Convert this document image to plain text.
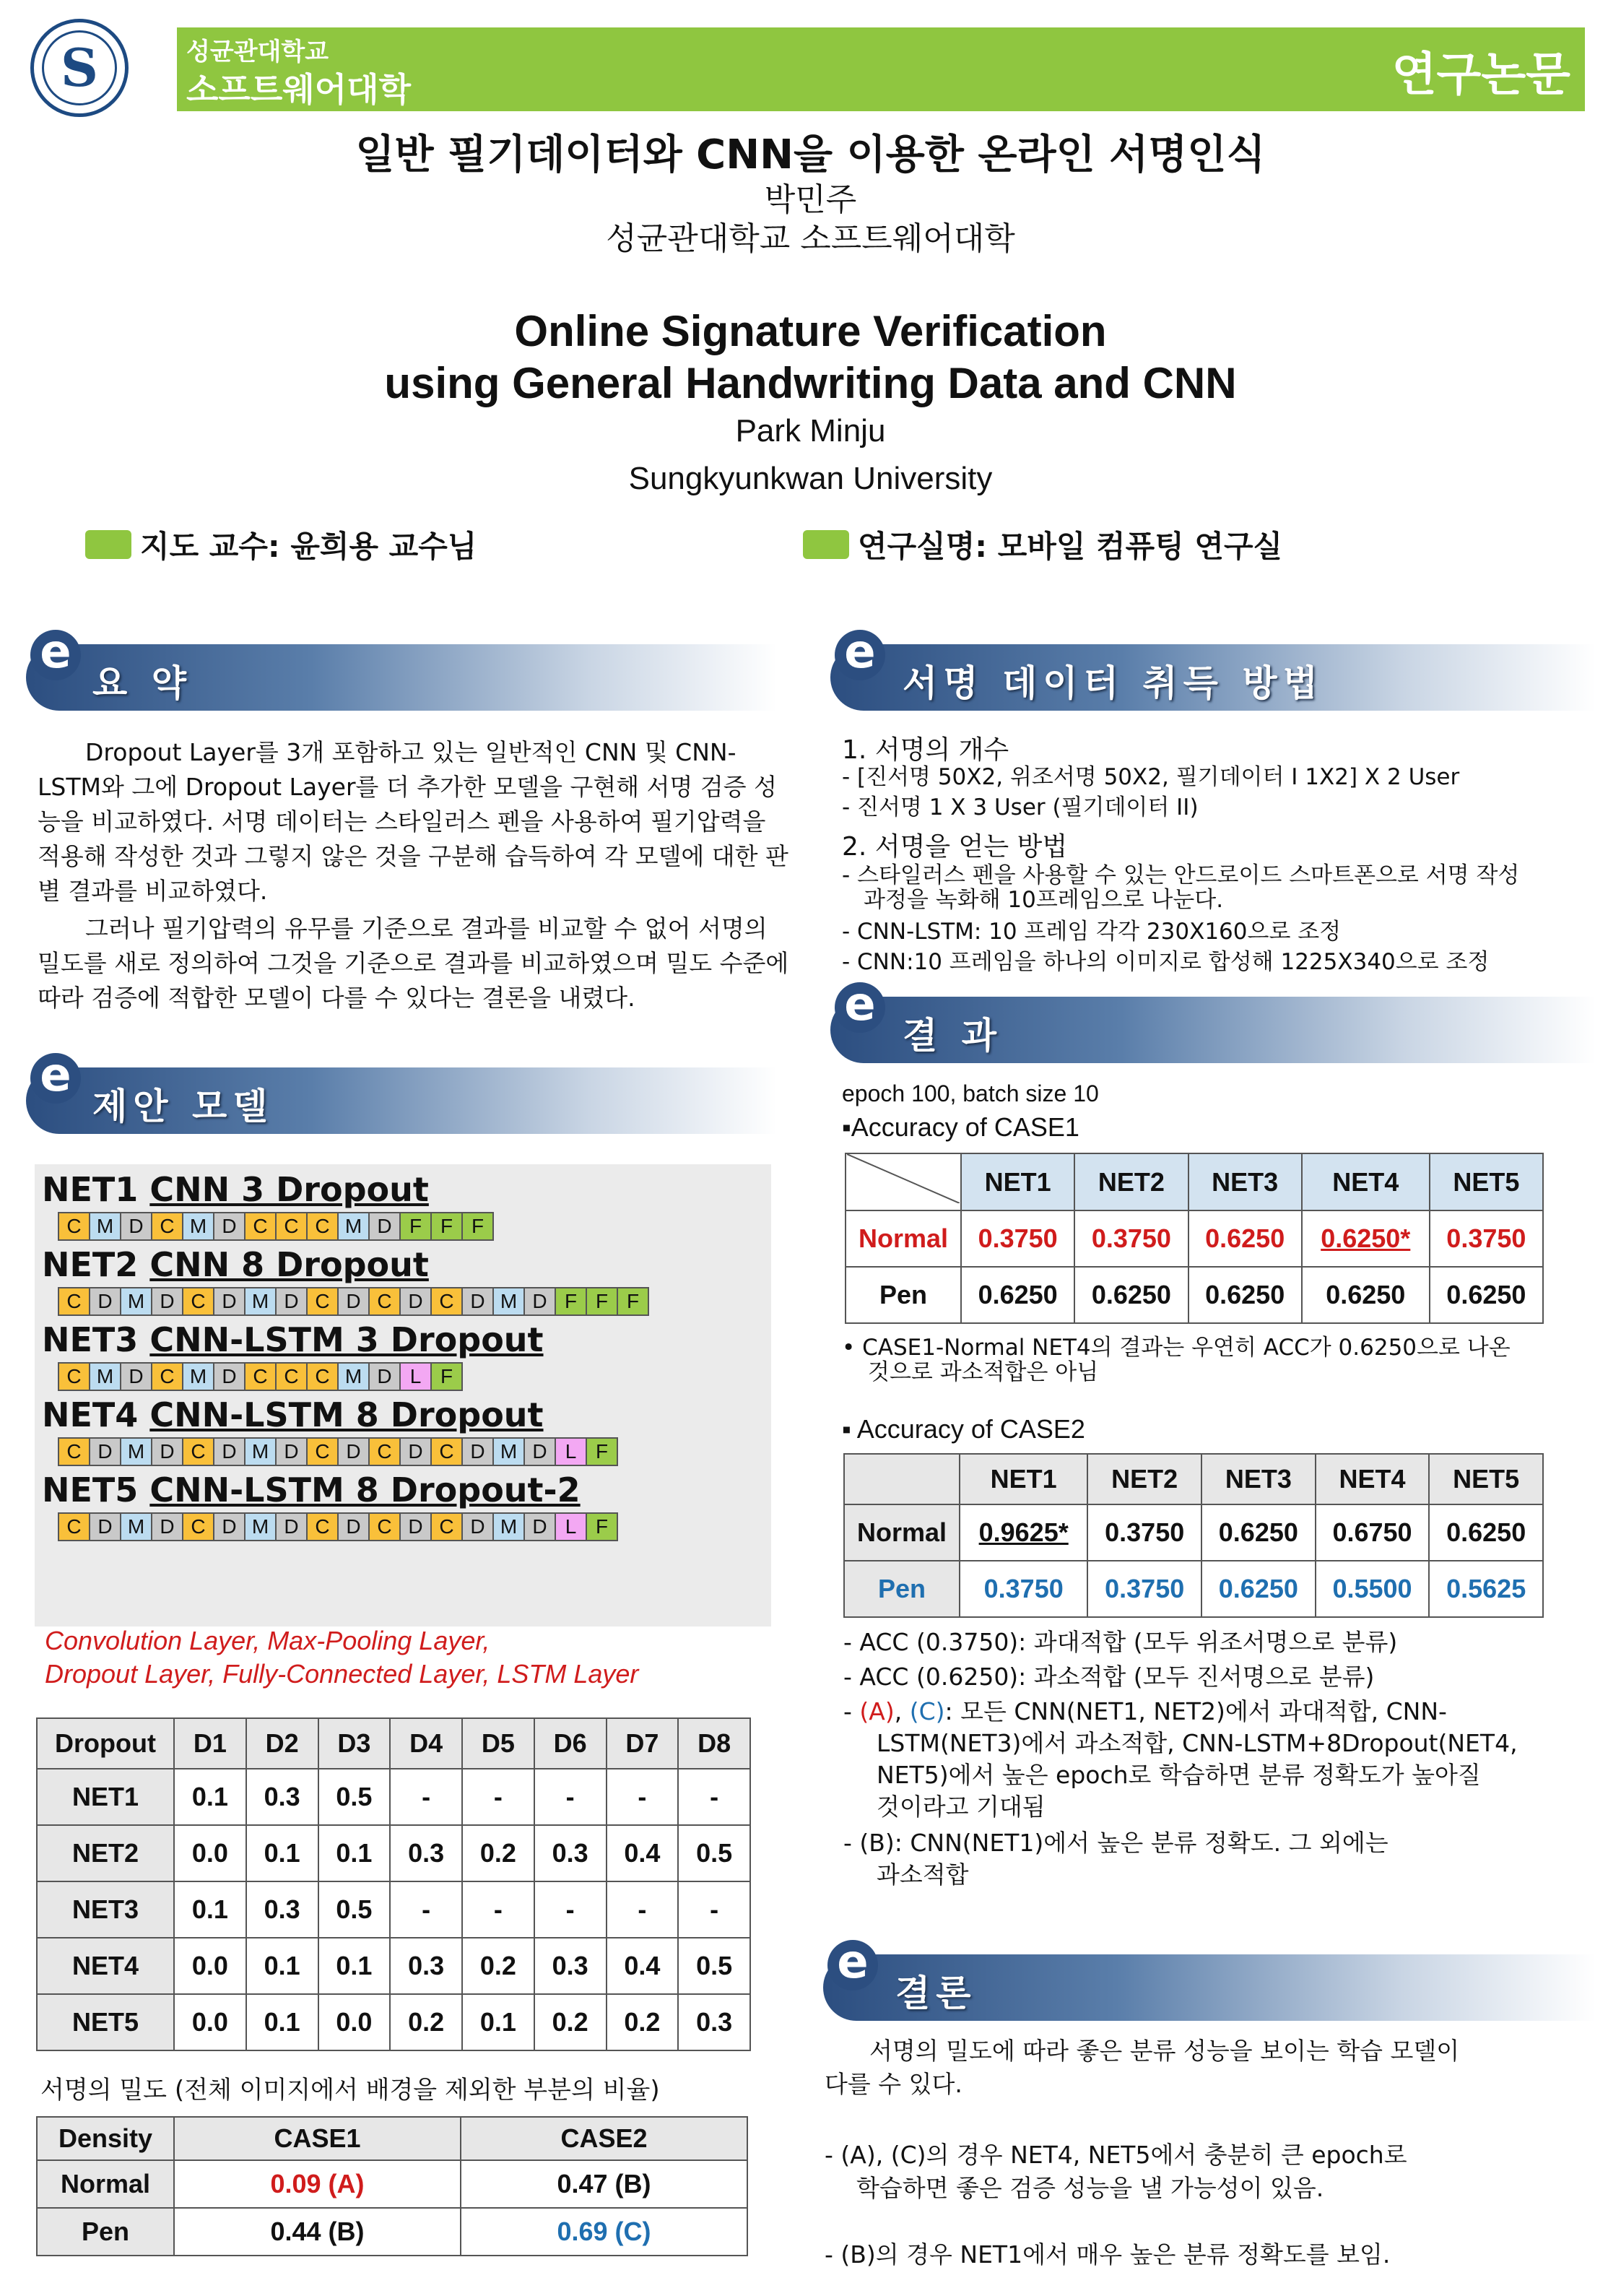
S	성균관대학교
소프트웨어대학	연구논문
일반 필기데이터와 CNN을 이용한 온라인 서명인식
박민주
성균관대학교 소프트웨어대학
Online Signature Verification
using General Handwriting Data and CNN
Park Minju
Sungkyunkwan University
지도 교수: 윤희용 교수님	연구실명: 모바일 컴퓨팅 연구실
e
요 약
Dropout Layer를 3개 포함하고 있는 일반적인 CNN 및 CNN-LSTM와 그에 Dropout Layer를 더 추가한 모델을 구현해 서명 검증 성능을 비교하였다. 서명 데이터는 스타일러스 펜을 사용하여 필기압력을 적용해 작성한 것과 그렇지 않은 것을 구분해 습득하여 각 모델에 대한 판별 결과를 비교하였다.
그러나 필기압력의 유무를 기준으로 결과를 비교할 수 없어 서명의 밀도를 새로 정의하여 그것을 기준으로 결과를 비교하였으며 밀도 수준에 따라 검증에 적합한 모델이 다를 수 있다는 결론을 내렸다.
e
제안 모델
NET1 CNN 3 Dropout
C M D C M D C C C M D F F F
NET2 CNN 8 Dropout
C D M D C D M D C D C D C D M D F F F
NET3 CNN-LSTM 3 Dropout
C M D C M D C C C M D L F
NET4 CNN-LSTM 8 Dropout
C D M D C D M D C D C D C D M D L F
NET5 CNN-LSTM 8 Dropout-2
C D M D C D M D C D C D C D M D L F
Convolution Layer, Max-Pooling Layer,
Dropout Layer, Fully-Connected Layer, LSTM Layer
Dropout	D1	D2	D3	D4	D5	D6	D7	D8
NET1	0.1	0.3	0.5	-	-	-	-	-
NET2	0.0	0.1	0.1	0.3	0.2	0.3	0.4	0.5
NET3	0.1	0.3	0.5	-	-	-	-	-
NET4	0.0	0.1	0.1	0.3	0.2	0.3	0.4	0.5
NET5	0.0	0.1	0.0	0.2	0.1	0.2	0.2	0.3
서명의 밀도 (전체 이미지에서 배경을 제외한 부분의 비율)
Density	CASE1	CASE2
Normal	0.09 (A)	0.47 (B)
Pen	0.44 (B)	0.69 (C)
e
서명 데이터 취득 방법
1. 서명의 개수
- [진서명 50X2, 위조서명 50X2, 필기데이터 I 1X2] X 2 User
- 진서명 1 X 3 User (필기데이터 II)
2. 서명을 얻는 방법
- 스타일러스 펜을 사용할 수 있는 안드로이드 스마트폰으로 서명 작성
과정을 녹화해 10프레임으로 나눈다.
- CNN-LSTM: 10 프레임 각각 230X160으로 조정
- CNN:10 프레임을 하나의 이미지로 합성해 1225X340으로 조정
e
결 과
epoch 100, batch size 10
▪Accuracy of CASE1
	NET1	NET2	NET3	NET4	NET5
Normal	0.3750	0.3750	0.6250	0.6250*	0.3750
Pen	0.6250	0.6250	0.6250	0.6250	0.6250
• CASE1-Normal NET4의 결과는 우연히 ACC가 0.6250으로 나온
것으로 과소적합은 아님
▪ Accuracy of CASE2
	NET1	NET2	NET3	NET4	NET5
Normal	0.9625*	0.3750	0.6250	0.6750	0.6250
Pen	0.3750	0.3750	0.6250	0.5500	0.5625
- ACC (0.3750): 과대적합 (모두 위조서명으로 분류)
- ACC (0.6250): 과소적합 (모두 진서명으로 분류)
- (A), (C): 모든 CNN(NET1, NET2)에서 과대적합, CNN-
LSTM(NET3)에서 과소적합, CNN-LSTM+8Dropout(NET4,
NET5)에서 높은 epoch로 학습하면 분류 정확도가 높아질
것이라고 기대됨
- (B): CNN(NET1)에서 높은 분류 정확도. 그 외에는
과소적합
e
결론
서명의 밀도에 따라 좋은 분류 성능을 보이는 학습 모델이
다를 수 있다.
- (A), (C)의 경우 NET4, NET5에서 충분히 큰 epoch로
학습하면 좋은 검증 성능을 낼 가능성이 있음.
- (B)의 경우 NET1에서 매우 높은 분류 정확도를 보임.
